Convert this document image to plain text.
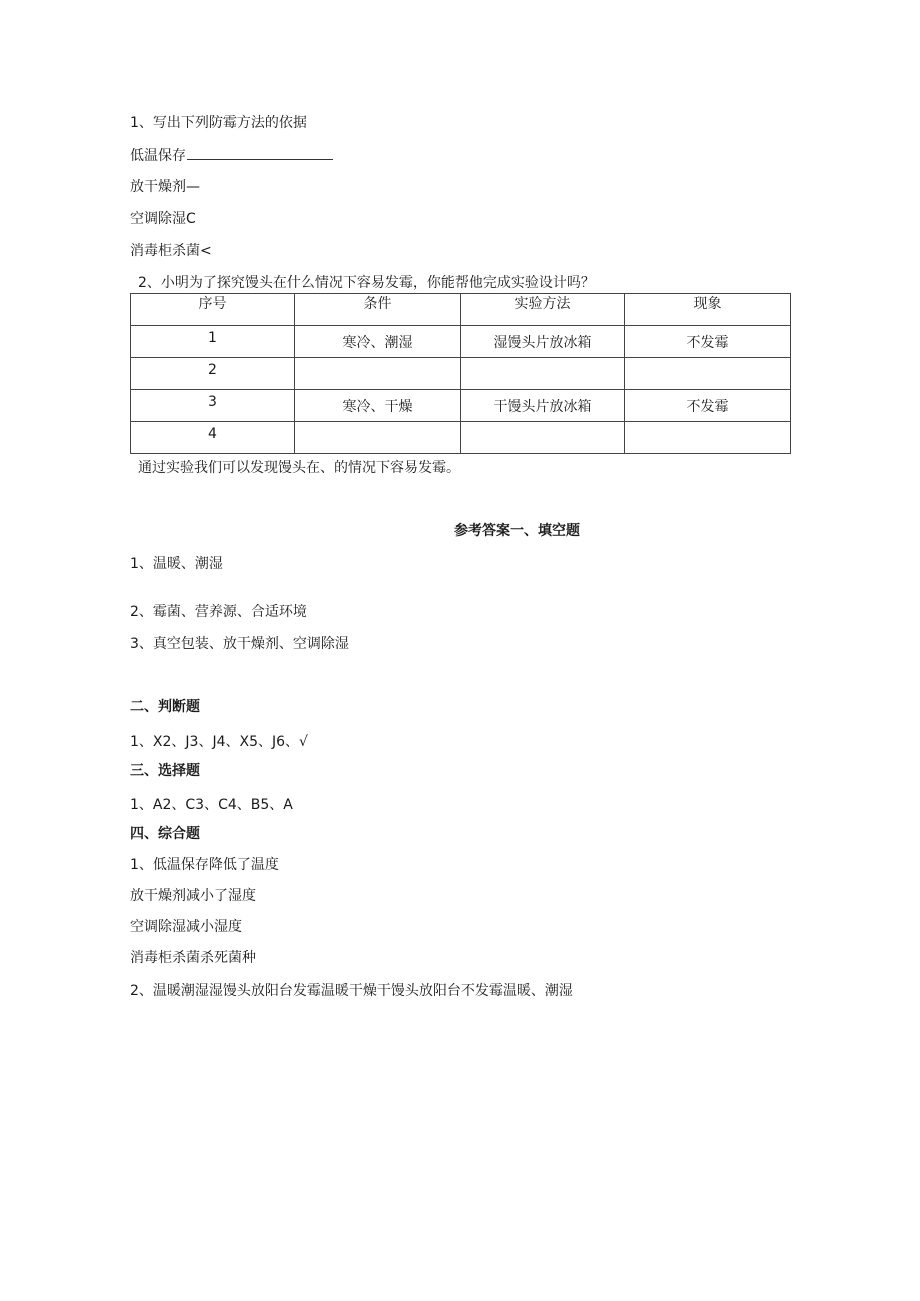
1、写出下列防霉方法的依据
低温保存
放干燥剂—
空调除湿C
消毒柜杀菌<
2、小明为了探究馒头在什么情况下容易发霉，你能帮他完成实验设计吗？
序号	条件	实验方法	现象
1	寒冷、潮湿	湿馒头片放冰箱	不发霉
2			
3	寒冷、干燥	干馒头片放冰箱	不发霉
4			
通过实验我们可以发现馒头在、的情况下容易发霉。
参考答案一、填空题
1、温暖、潮湿
2、霉菌、营养源、合适环境
3、真空包装、放干燥剂、空调除湿
二、判断题
1、X2、J3、J4、X5、J6、√
三、选择题
1、A2、C3、C4、B5、A
四、综合题
1、低温保存降低了温度
放干燥剂减小了湿度
空调除湿减小湿度
消毒柜杀菌杀死菌种
2、温暖潮湿湿馒头放阳台发霉温暖干燥干馒头放阳台不发霉温暖、潮湿
